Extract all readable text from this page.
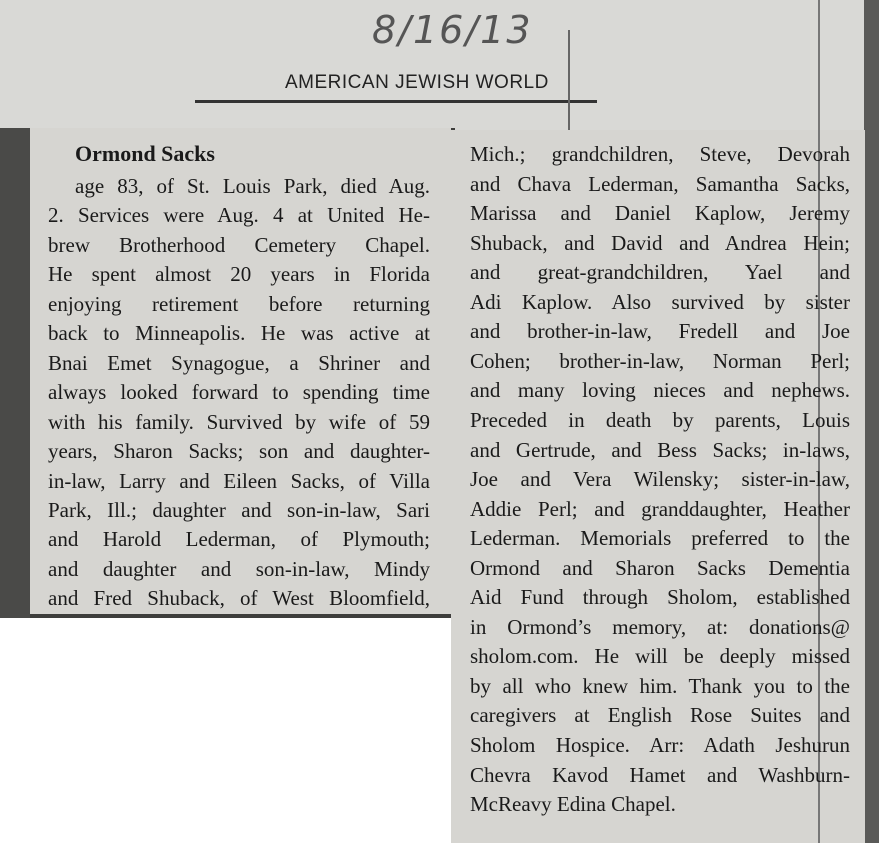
8/16/13
AMERICAN JEWISH WORLD
Ormond Sacks
age 83, of St. Louis Park, died Aug.
2. Services were Aug. 4 at United He-
brew Brotherhood Cemetery Chapel.
He spent almost 20 years in Florida
enjoying retirement before returning
back to Minneapolis. He was active at
Bnai Emet Synagogue, a Shriner and
always looked forward to spending time
with his family. Survived by wife of 59
years, Sharon Sacks; son and daughter-
in-law, Larry and Eileen Sacks, of Villa
Park, Ill.; daughter and son-in-law, Sari
and Harold Lederman, of Plymouth;
and daughter and son-in-law, Mindy
and Fred Shuback, of West Bloomfield,
Mich.; grandchildren, Steve, Devorah
and Chava Lederman, Samantha Sacks,
Marissa and Daniel Kaplow, Jeremy
Shuback, and David and Andrea Hein;
and great-grandchildren, Yael and
Adi Kaplow. Also survived by sister
and brother-in-law, Fredell and Joe
Cohen; brother-in-law, Norman Perl;
and many loving nieces and nephews.
Preceded in death by parents, Louis
and Gertrude, and Bess Sacks; in-laws,
Joe and Vera Wilensky; sister-in-law,
Addie Perl; and granddaughter, Heather
Lederman. Memorials preferred to the
Ormond and Sharon Sacks Dementia
Aid Fund through Sholom, established
in Ormond’s memory, at: donations@
sholom.com. He will be deeply missed
by all who knew him. Thank you to the
caregivers at English Rose Suites and
Sholom Hospice. Arr: Adath Jeshurun
Chevra Kavod Hamet and Washburn-
McReavy Edina Chapel.
